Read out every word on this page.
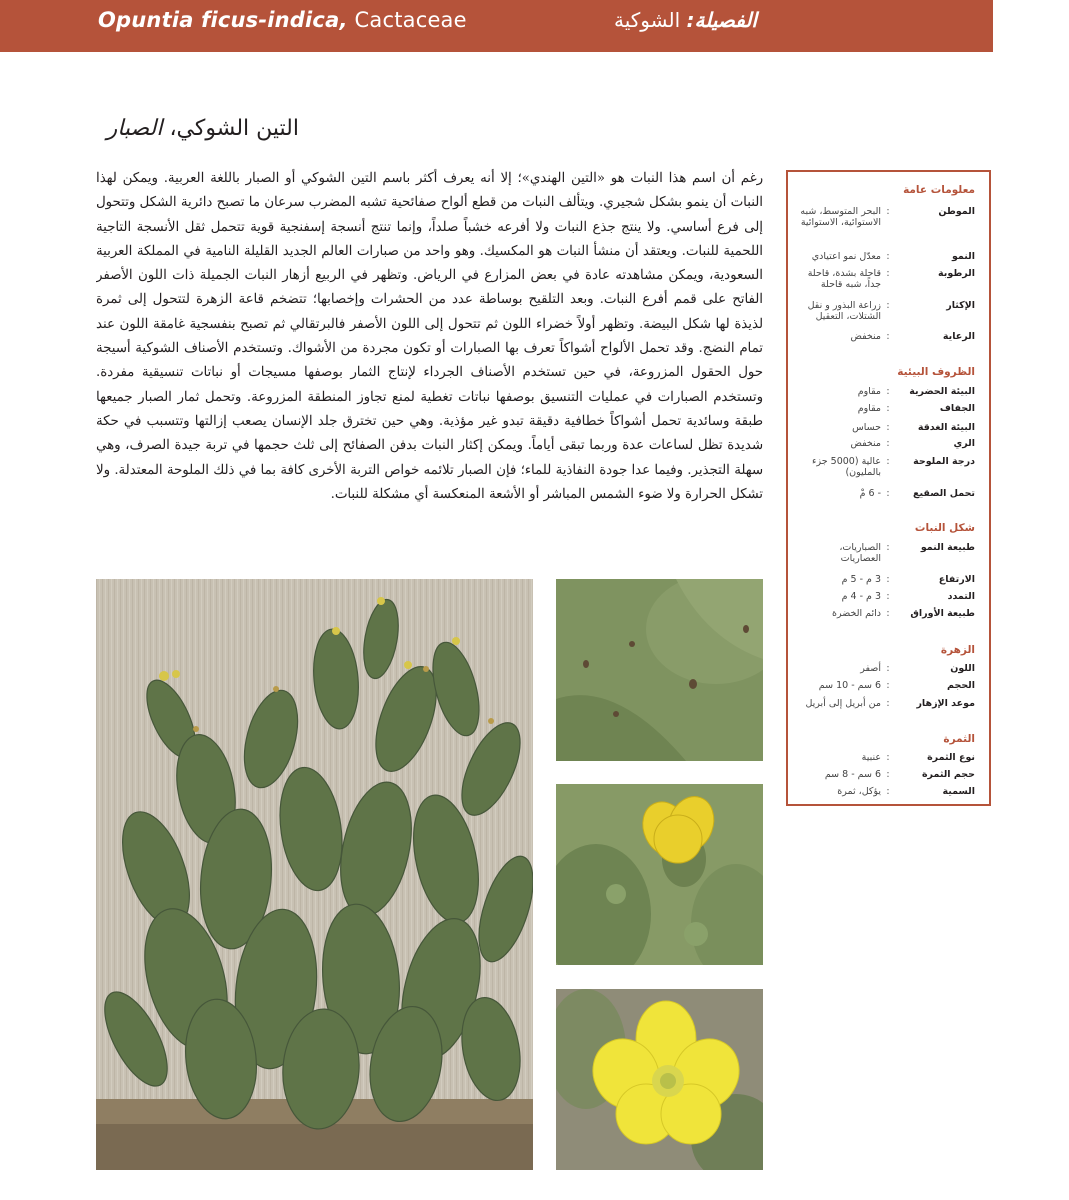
Opuntia ficus-indica, Cactaceae	الفصيلة: الشوكية
التين الشوكي، الصبار
رغم أن اسم هذا النبات هو «التين الهندي»؛ إلا أنه يعرف أكثر باسم التين الشوكي أو الصبار باللغة العربية. ويمكن لهذا النبات أن ينمو بشكل شجيري. ويتألف النبات من قطع ألواح صفائحية تشبه المضرب سرعان ما تصبح دائرية الشكل وتتحول إلى فرع أساسي. ولا ينتج جذع النبات ولا أفرعه خشباً صلداً، وإنما تنتج أنسجة إسفنجية قوية تتحمل ثقل الأنسجة التاجية اللحمية للنبات. ويعتقد أن منشأ النبات هو المكسيك. وهو واحد من صبارات العالم الجديد القليلة النامية في المملكة العربية السعودية، ويمكن مشاهدته عادة في بعض المزارع في الرياض. وتظهر في الربيع أزهار النبات الجميلة ذات اللون الأصفر الفاتح على قمم أفرع النبات. وبعد التلقيح بوساطة عدد من الحشرات وإخصابها؛ تتضخم قاعة الزهرة لتتحول إلى ثمرة لذيذة لها شكل البيضة. وتظهر أولاً خضراء اللون ثم تتحول إلى اللون الأصفر فالبرتقالي ثم تصبح بنفسجية غامقة اللون عند تمام النضج. وقد تحمل الألواح أشواكاً تعرف بها الصبارات أو تكون مجردة من الأشواك. وتستخدم الأصناف الشوكية أسيجة حول الحقول المزروعة، في حين تستخدم الأصناف الجرداء لإنتاج الثمار بوصفها مسيجات أو نباتات تنسيقية مفردة. وتستخدم الصبارات في عمليات التنسيق بوصفها نباتات تغطية لمنع تجاوز المنطقة المزروعة. وتحمل ثمار الصبار جميعها طبقة وسائدية تحمل أشواكاً خطافية دقيقة تبدو غير مؤذية. وهي حين تخترق جلد الإنسان يصعب إزالتها وتتسبب في حكة شديدة تظل لساعات عدة وربما تبقى أياماً. ويمكن إكثار النبات بدفن الصفائح إلى ثلث حجمها في تربة جيدة الصرف، وهي سهلة التجذير. وفيما عدا جودة النفاذية للماء؛ فإن الصبار تلائمه خواص التربة الأخرى كافة بما في ذلك الملوحة المعتدلة. ولا تشكل الحرارة ولا ضوء الشمس المباشر أو الأشعة المنعكسة أي مشكلة للنبات.
معلومات عامة
الموطن
:
البحر المتوسط، شبه الاستوائية، الاستوائية
النمو
:
معدّل نمو اعتيادي
الرطوبة
:
قاحلة بشدة، قاحلة جداً، شبه قاحلة
الإكثار
:
زراعة البذور و نقل الشتلات، التعقيل
الرعاية
:
منخفض
الظروف البيئية
البيئة الحضرية
:
مقاوم
الجفاف
:
مقاوم
البيئة الغدقة
:
حساس
الري
:
منخفض
درجة الملوحة
:
عالية (5000 جزء بالمليون)
تحمل الصقيع
:
- 6 مْ
شكل النبات
طبيعة النمو
:
الصباريات، العصاريات
الارتفاع
:
3 م - 5 م
التمدد
:
3 م - 4 م
طبيعة الأوراق
:
دائم الخضرة
الزهرة
اللون
:
أصفر
الحجم
:
6 سم - 10 سم
موعد الإزهار
:
من أبريل إلى أبريل
الثمرة
نوع الثمرة
:
عنبية
حجم الثمرة
:
6 سم - 8 سم
السمية
:
يؤكل، ثمرة
